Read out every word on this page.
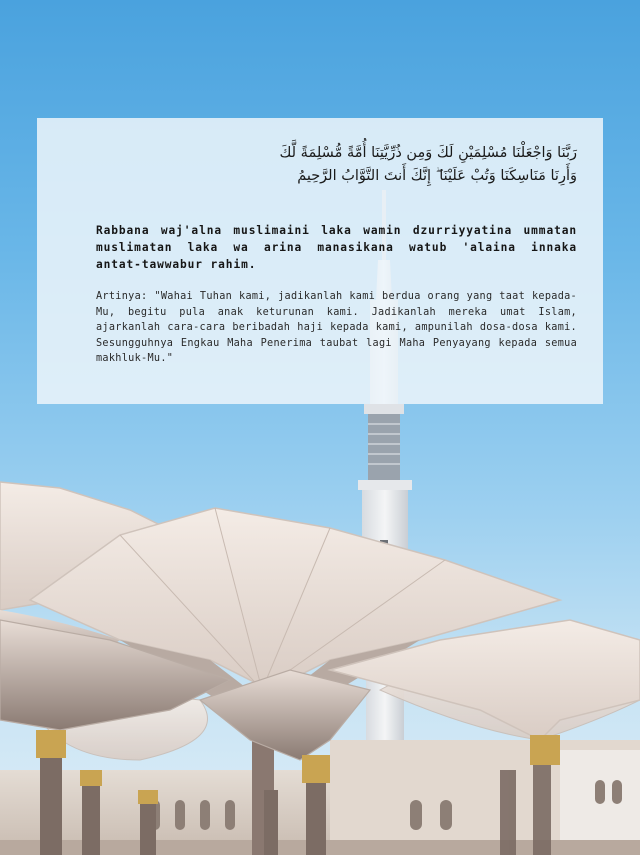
رَبَّنَا وَاجْعَلْنَا مُسْلِمَيْنِ لَكَ وَمِن ذُرِّيَّتِنَا أُمَّةً مُّسْلِمَةً لَّكَ
وَأَرِنَا مَنَاسِكَنَا وَتُبْ عَلَيْنَا ۖ إِنَّكَ أَنتَ التَّوَّابُ الرَّحِيمُ

Rabbana waj'alna muslimaini laka wamin dzurriyyatina ummatan muslimatan laka wa arina manasikana watub 'alaina innaka antat-tawwabur rahim.

Artinya: "Wahai Tuhan kami, jadikanlah kami berdua orang yang taat kepada-Mu, begitu pula anak keturunan kami. Jadikanlah mereka umat Islam, ajarkanlah cara-cara beribadah haji kepada kami, ampunilah dosa-dosa kami. Sesungguhnya Engkau Maha Penerima taubat lagi Maha Penyayang kepada semua makhluk-Mu."
